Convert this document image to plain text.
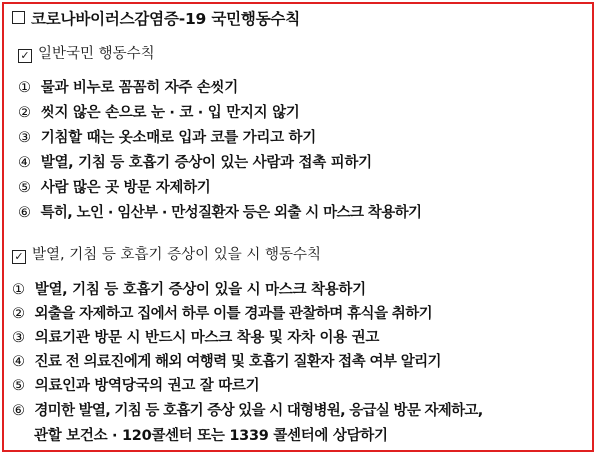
코로나바이러스감염증-19 국민행동수칙
✓ 일반국민 행동수칙
① 물과 비누로 꼼꼼히 자주 손씻기
② 씻지 않은 손으로 눈 · 코 · 입 만지지 않기
③ 기침할 때는 옷소매로 입과 코를 가리고 하기
④ 발열, 기침 등 호흡기 증상이 있는 사람과 접촉 피하기
⑤ 사람 많은 곳 방문 자제하기
⑥ 특히, 노인 · 임산부 · 만성질환자 등은 외출 시 마스크 착용하기
✓ 발열, 기침 등 호흡기 증상이 있을 시 행동수칙
① 발열, 기침 등 호흡기 증상이 있을 시 마스크 착용하기
② 외출을 자제하고 집에서 하루 이틀 경과를 관찰하며 휴식을 취하기
③ 의료기관 방문 시 반드시 마스크 착용 및 자차 이용 권고
④ 진료 전 의료진에게 해외 여행력 및 호흡기 질환자 접촉 여부 알리기
⑤ 의료인과 방역당국의 권고 잘 따르기
⑥ 경미한 발열, 기침 등 호흡기 증상 있을 시 대형병원, 응급실 방문 자제하고,
관할 보건소 · 120콜센터 또는 1339 콜센터에 상담하기
